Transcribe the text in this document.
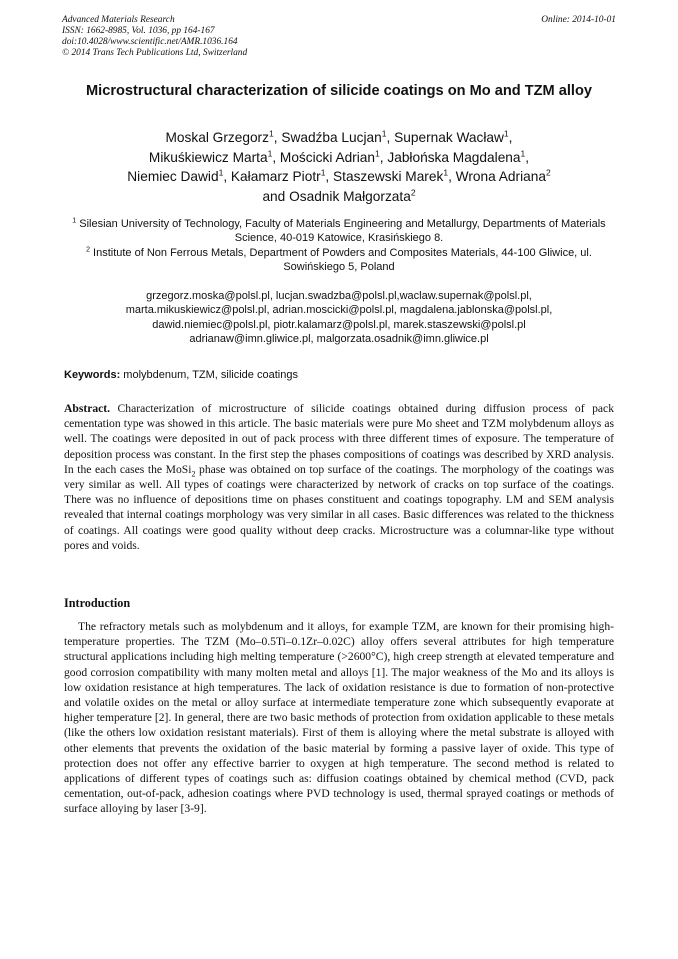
Advanced Materials Research
ISSN: 1662-8985, Vol. 1036, pp 164-167
doi:10.4028/www.scientific.net/AMR.1036.164
© 2014 Trans Tech Publications Ltd, Switzerland
Online: 2014-10-01
Microstructural characterization of silicide coatings on Mo and TZM alloy
Moskal Grzegorz$^1$, Swadźba Lucjan$^1$, Supernak Wacław$^1$,
Mikuśkiewicz Marta$^1$, Mościcki Adrian$^1$, Jabłońska Magdalena$^1$,
Niemiec Dawid$^1$, Kałamarz Piotr$^1$, Staszewski Marek$^1$, Wrona Adriana$^2$
and Osadnik Małgorzata$^2$
$^1$ Silesian University of Technology, Faculty of Materials Engineering and Metallurgy, Departments of Materials Science, 40-019 Katowice, Krasińskiego 8.
$^2$ Institute of Non Ferrous Metals, Department of Powders and Composites Materials, 44-100 Gliwice, ul. Sowińskiego 5, Poland
grzegorz.moska@polsl.pl, lucjan.swadzba@polsl.pl,waclaw.supernak@polsl.pl,
marta.mikuskiewicz@polsl.pl, adrian.moscicki@polsl.pl, magdalena.jablonska@polsl.pl,
dawid.niemiec@polsl.pl, piotr.kalamarz@polsl.pl, marek.staszewski@polsl.pl
adrianaw@imn.gliwice.pl, malgorzata.osadnik@imn.gliwice.pl
Keywords: molybdenum, TZM, silicide coatings

Abstract. Characterization of microstructure of silicide coatings obtained during diffusion process of pack cementation type was showed in this article. The basic materials were pure Mo sheet and TZM molybdenum alloys as well. The coatings were deposited in out of pack process with three different times of exposure. The temperature of deposition process was constant. In the first step the phases compositions of coatings was described by XRD analysis. In the each cases the MoSi$_2$ phase was obtained on top surface of the coatings. The morphology of the coatings was very similar as well. All types of coatings were characterized by network of cracks on top surface of the coatings. There was no influence of depositions time on phases constituent and coatings topography. LM and SEM analysis revealed that internal coatings morphology was very similar in all cases. Basic differences was related to the thickness of coatings. All coatings were good quality without deep cracks. Microstructure was a columnar-like type without pores and voids.

Introduction

The refractory metals such as molybdenum and it alloys, for example TZM, are known for their promising high-temperature properties. The TZM (Mo–0.5Ti–0.1Zr–0.02C) alloy offers several attributes for high temperature structural applications including high melting temperature (>2600°C), high creep strength at elevated temperature and good corrosion compatibility with many molten metal and alloys [1]. The major weakness of the Mo and its alloys is low oxidation resistance at high temperatures. The lack of oxidation resistance is due to formation of non-protective and volatile oxides on the metal or alloy surface at intermediate temperature zone which subsequently evaporate at higher temperature [2]. In general, there are two basic methods of protection from oxidation applicable to these metals (like the others low oxidation resistant materials). First of them is alloying where the metal substrate is alloyed with other elements that prevents the oxidation of the basic material by forming a passive layer of oxide. This type of protection does not offer any effective barrier to oxygen at high temperature. The second method is related to applications of different types of coatings such as: diffusion coatings obtained by chemical method (CVD, pack cementation, out-of-pack, adhesion coatings where PVD technology is used, thermal sprayed coatings or methods of surface alloying by laser [3-9].
